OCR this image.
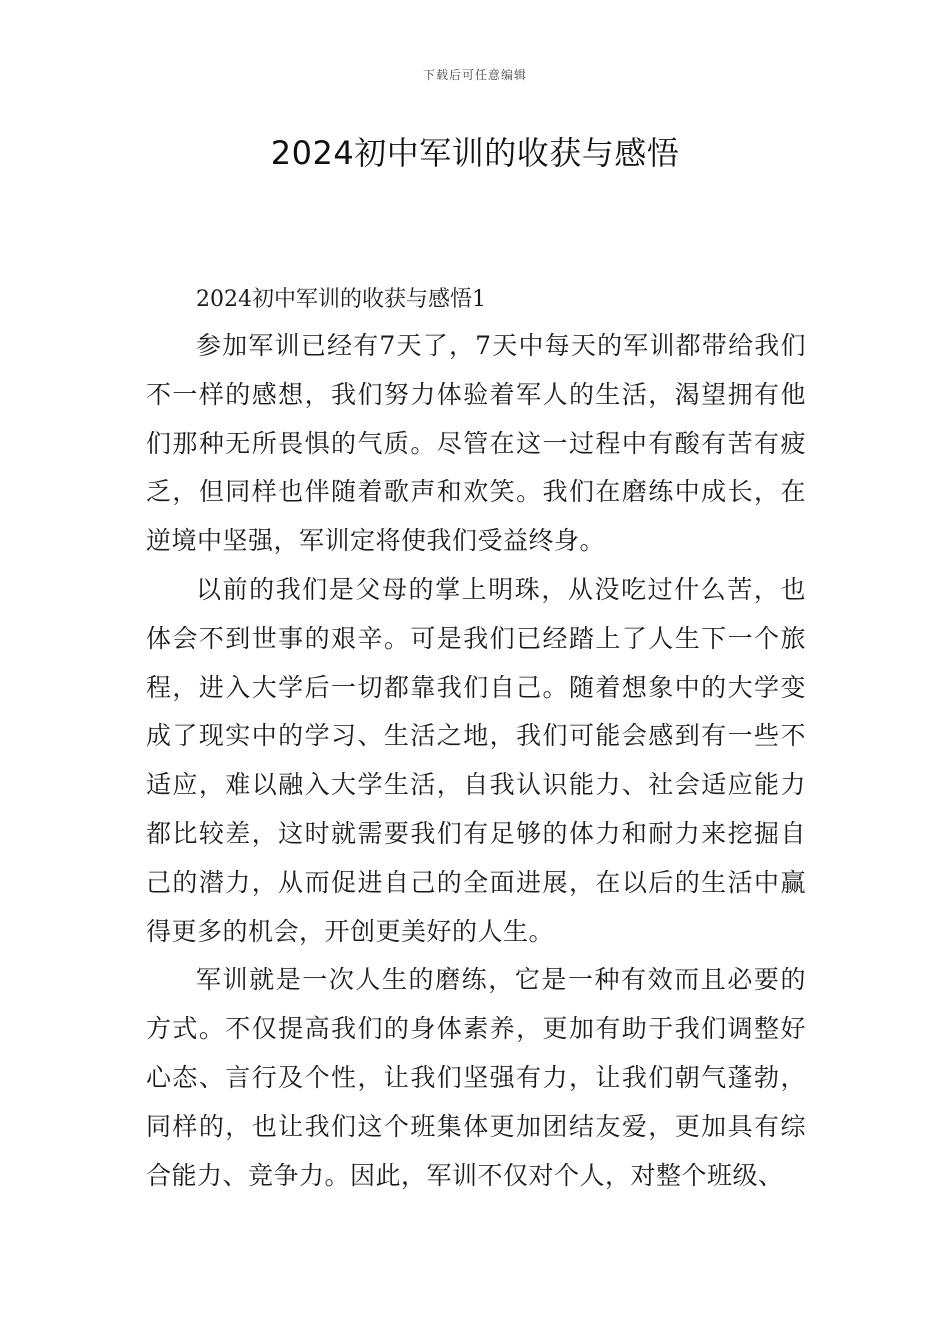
下载后可任意编辑
2024初中军训的收获与感悟

2024初中军训的收获与感悟1

参加军训已经有7天了，7天中每天的军训都带给我们不一样的感想，我们努力体验着军人的生活，渴望拥有他们那种无所畏惧的气质。尽管在这一过程中有酸有苦有疲乏，但同样也伴随着歌声和欢笑。我们在磨练中成长，在逆境中坚强，军训定将使我们受益终身。

以前的我们是父母的掌上明珠，从没吃过什么苦，也体会不到世事的艰辛。可是我们已经踏上了人生下一个旅程，进入大学后一切都靠我们自己。随着想象中的大学变成了现实中的学习、生活之地，我们可能会感到有一些不适应，难以融入大学生活，自我认识能力、社会适应能力都比较差，这时就需要我们有足够的体力和耐力来挖掘自己的潜力，从而促进自己的全面进展，在以后的生活中赢得更多的机会，开创更美好的人生。

军训就是一次人生的磨练，它是一种有效而且必要的方式。不仅提高我们的身体素养，更加有助于我们调整好心态、言行及个性，让我们坚强有力，让我们朝气蓬勃，同样的，也让我们这个班集体更加团结友爱，更加具有综合能力、竞争力。因此，军训不仅对个人，对整个班级、
